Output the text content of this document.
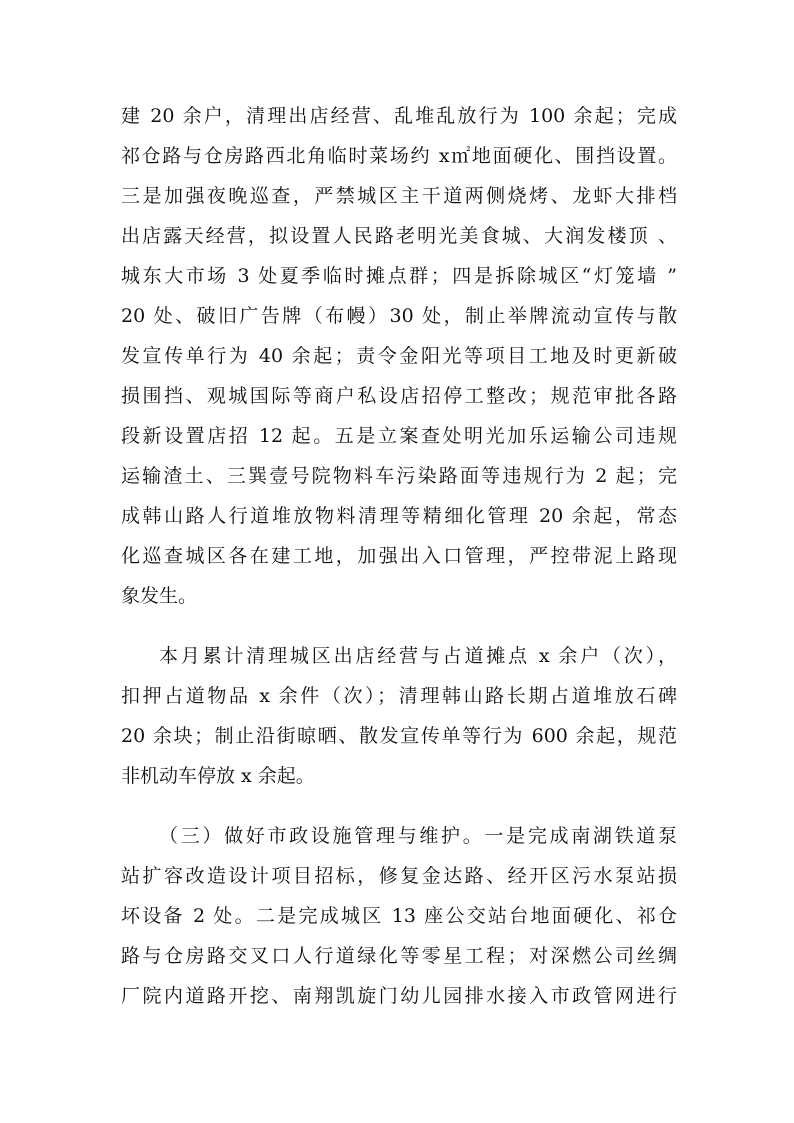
建 20 余户，清理出店经营、乱堆乱放行为 100 余起；完成
祁仓路与仓房路西北角临时菜场约 x㎡地面硬化、围挡设置。
三是加强夜晚巡查，严禁城区主干道两侧烧烤、龙虾大排档
出店露天经营，拟设置人民路老明光美食城、大润发楼顶 、
城东大市场 3 处夏季临时摊点群；四是拆除城区“灯笼墙 ”
20 处、破旧广告牌（布幔）30 处，制止举牌流动宣传与散
发宣传单行为 40 余起；责令金阳光等项目工地及时更新破
损围挡、观城国际等商户私设店招停工整改；规范审批各路
段新设置店招 12 起。五是立案查处明光加乐运输公司违规
运输渣土、三巽壹号院物料车污染路面等违规行为 2 起；完
成韩山路人行道堆放物料清理等精细化管理 20 余起，常态
化巡查城区各在建工地，加强出入口管理，严控带泥上路现
象发生。
本月累计清理城区出店经营与占道摊点 x 余户（次），
扣押占道物品 x 余件（次）；清理韩山路长期占道堆放石碑
20 余块；制止沿街晾晒、散发宣传单等行为 600 余起，规范
非机动车停放 x 余起。
（三）做好市政设施管理与维护。一是完成南湖铁道泵
站扩容改造设计项目招标，修复金达路、经开区污水泵站损
坏设备 2 处。二是完成城区 13 座公交站台地面硬化、祁仓
路与仓房路交叉口人行道绿化等零星工程；对深燃公司丝绸
厂院内道路开挖、南翔凯旋门幼儿园排水接入市政管网进行
